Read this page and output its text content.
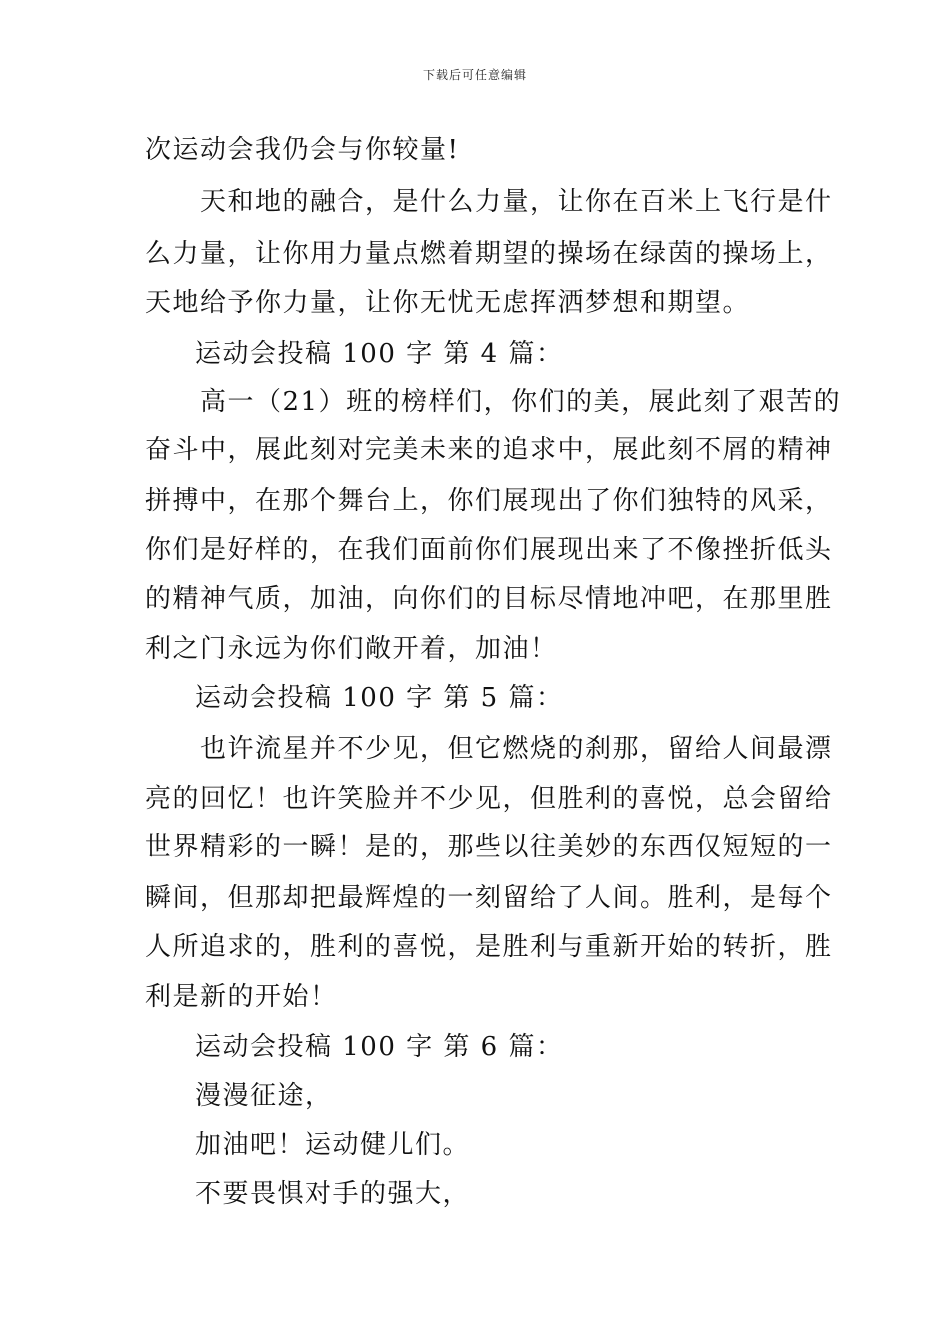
下载后可任意编辑
次运动会我仍会与你较量!
天和地的融合，是什么力量，让你在百米上飞行是什
么力量，让你用力量点燃着期望的操场在绿茵的操场上，
天地给予你力量，让你无忧无虑挥洒梦想和期望。
运动会投稿 100 字 第 4 篇：
高一（21）班的榜样们，你们的美，展此刻了艰苦的
奋斗中，展此刻对完美未来的追求中，展此刻不屑的精神
拼搏中，在那个舞台上，你们展现出了你们独特的风采，
你们是好样的，在我们面前你们展现出来了不像挫折低头
的精神气质，加油，向你们的目标尽情地冲吧，在那里胜
利之门永远为你们敞开着，加油！
运动会投稿 100 字 第 5 篇：
也许流星并不少见，但它燃烧的刹那，留给人间最漂
亮的回忆！也许笑脸并不少见，但胜利的喜悦，总会留给
世界精彩的一瞬！是的，那些以往美妙的东西仅短短的一
瞬间，但那却把最辉煌的一刻留给了人间。胜利，是每个
人所追求的，胜利的喜悦，是胜利与重新开始的转折，胜
利是新的开始！
运动会投稿 100 字 第 6 篇：
漫漫征途，
加油吧！运动健儿们。
不要畏惧对手的强大，
